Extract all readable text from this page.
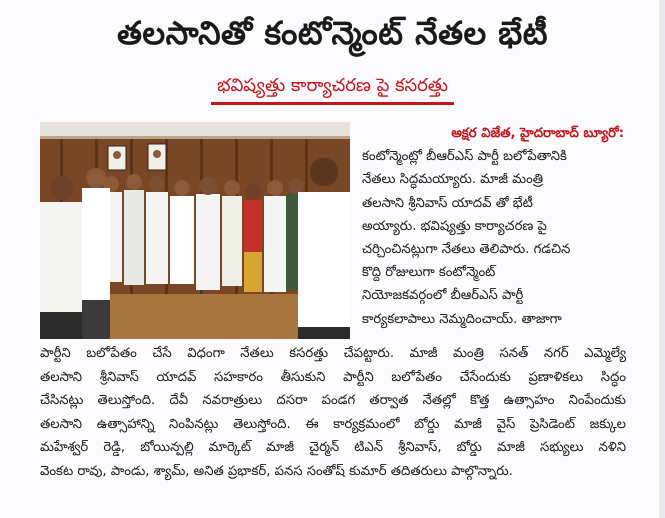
తలసానితో కంటోన్మెంట్ నేతల భేటీ
భవిష్యత్తు కార్యాచరణ పై కసరత్తు
అక్షర విజేత, హైదరాబాద్ బ్యూరో:
కంటోన్మెంట్లో బీఆర్ఎస్ పార్టీ బలోపేతానికి
నేతలు సిద్ధమయ్యారు. మాజీ మంత్రి
తలసాని శ్రీనివాస్ యాదవ్ తో భేటీ
అయ్యారు. భవిష్యత్తు కార్యాచరణ పై
చర్చించినట్లుగా నేతలు తెలిపారు. గడచిన
కొద్ది రోజులుగా కంటోన్మెంట్
నియోజకవర్గంలో బీఆర్ఎస్ పార్టీ
కార్యకలాపాలు నెమ్మదించాయ్. తాజాగా
పార్టీని బలోపేతం చేసే విధంగా నేతలు కసరత్తు చేపట్టారు. మాజీ మంత్రి సనత్ నగర్ ఎమ్మెల్యే
తలసాని శ్రీనివాస్ యాదవ్ సహకారం తీసుకుని పార్టీని బలోపేతం చేసేందుకు ప్రణాళికలు సిద్ధం
చేసినట్లు తెలుస్తోంది. దేవీ నవరాత్రులు దసరా పండగ తర్వాత నేతల్లో కొత్త ఉత్సాహం నింపేందుకు
తలసాని ఉత్సాహాన్ని నింపినట్లు తెలుస్తోంది. ఈ కార్యక్రమంలో బోర్డు మాజీ వైస్ ప్రెసిడెంట్ జక్కుల
మహేశ్వర్ రెడ్డి, బోయిన్పల్లి మార్కెట్ మాజీ చైర్మన్ టిఎన్ శ్రీనివాస్, బోర్డు మాజీ సభ్యులు నళిని
వెంకట రావు, పాండు, శ్యామ్, అనిత ప్రభాకర్, పనస సంతోష్ కుమార్ తదితరులు పాల్గొన్నారు.
